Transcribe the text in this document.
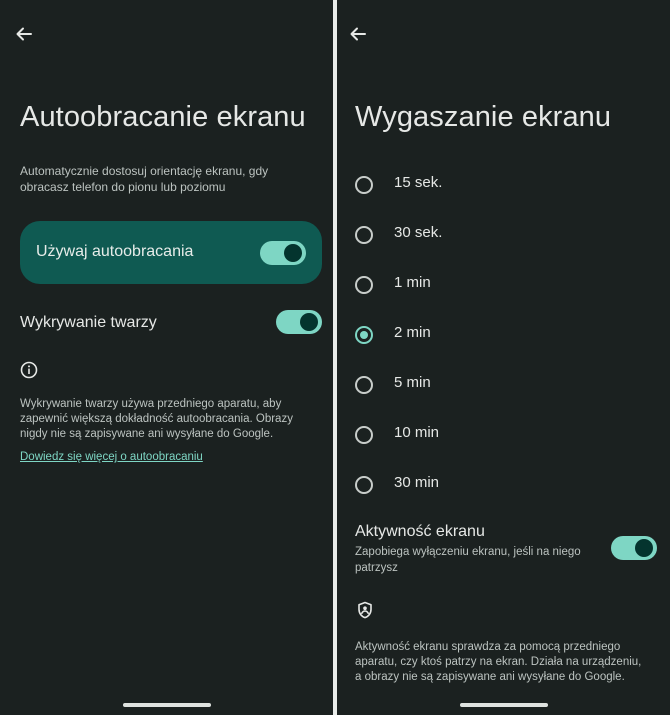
Autoobracanie ekranu
Automatycznie dostosuj orientację ekranu, gdy obracasz telefon do pionu lub poziomu
Używaj autoobracania
Wykrywanie twarzy
Wykrywanie twarzy używa przedniego aparatu, aby zapewnić większą dokładność autoobracania. Obrazy nigdy nie są zapisywane ani wysyłane do Google.
Dowiedz się więcej o autoobracaniu
Wygaszanie ekranu
15 sek.
30 sek.
1 min
2 min
5 min
10 min
30 min
Aktywność ekranu
Zapobiega wyłączeniu ekranu, jeśli na niego patrzysz
Aktywność ekranu sprawdza za pomocą przedniego aparatu, czy ktoś patrzy na ekran. Działa na urządzeniu, a obrazy nie są zapisywane ani wysyłane do Google.
